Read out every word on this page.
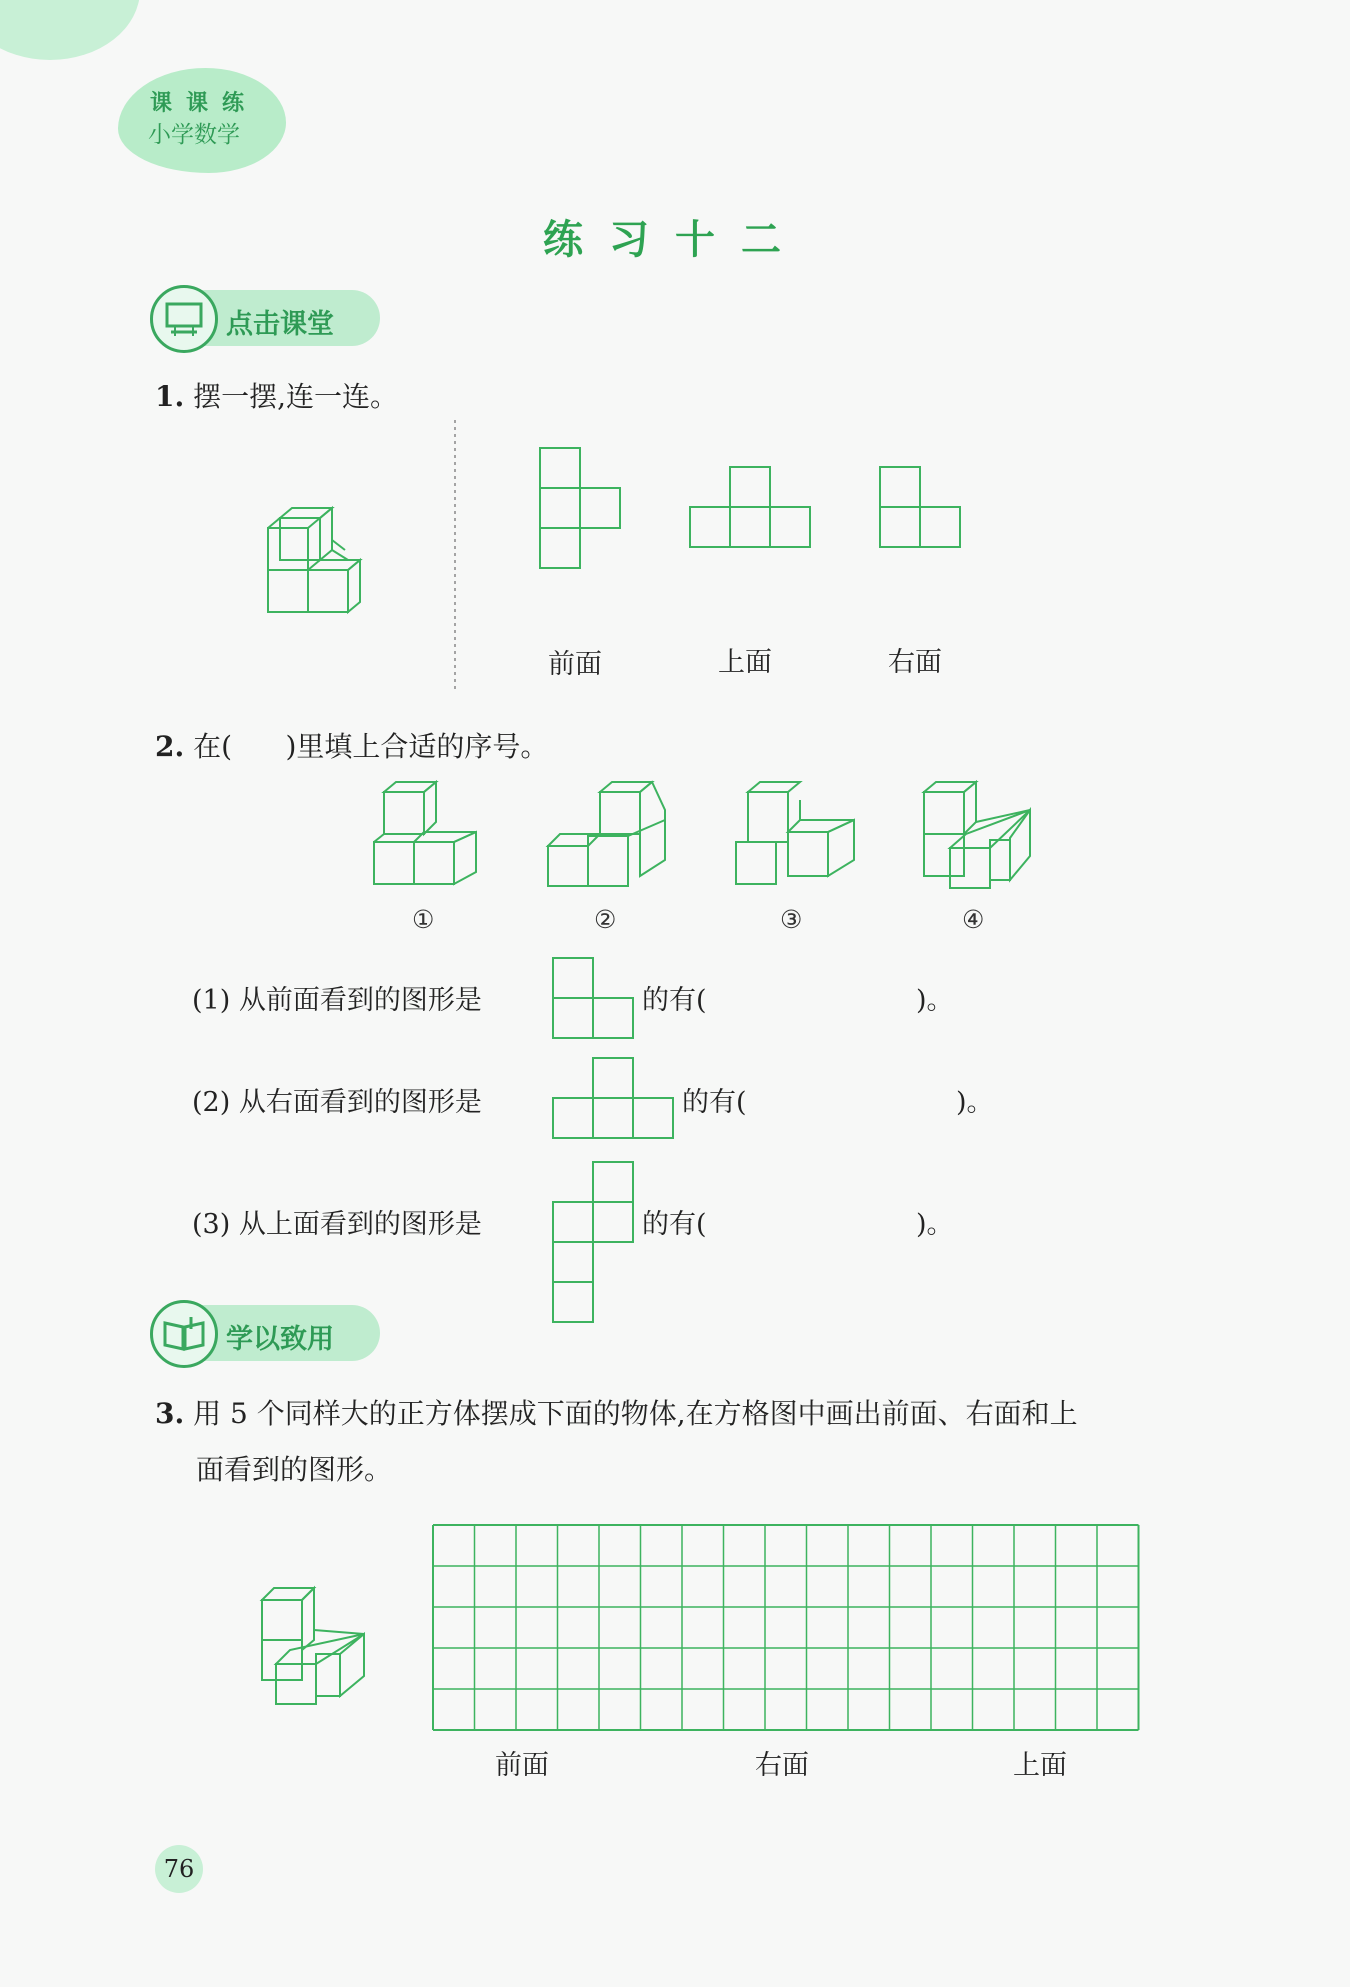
课课练
小学数学
练习十二
点击课堂
1. 摆一摆,连一连。
前面	上面	右面
2. 在(      )里填上合适的序号。
①	②	③	④
(1) 从前面看到的图形是	的有(	)。
(2) 从右面看到的图形是	的有(	)。
(3) 从上面看到的图形是	的有(	)。
学以致用
3. 用 5 个同样大的正方体摆成下面的物体,在方格图中画出前面、右面和上
面看到的图形。
前面	右面	上面
76
